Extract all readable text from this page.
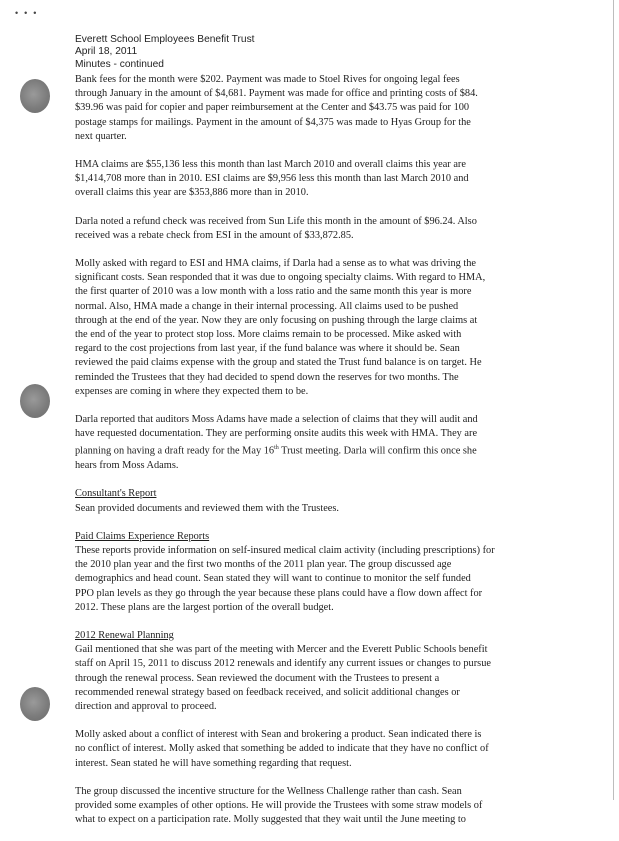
•••
Everett School Employees Benefit Trust
April 18, 2011
Minutes - continued

Bank fees for the month were $202. Payment was made to Stoel Rives for ongoing legal fees
through January in the amount of $4,681. Payment was made for office and printing costs of $84.
$39.96 was paid for copier and paper reimbursement at the Center and $43.75 was paid for 100
postage stamps for mailings. Payment in the amount of $4,375 was made to Hyas Group for the
next quarter.

HMA claims are $55,136 less this month than last March 2010 and overall claims this year are
$1,414,708 more than in 2010. ESI claims are $9,956 less this month than last March 2010 and
overall claims this year are $353,886 more than in 2010.

Darla noted a refund check was received from Sun Life this month in the amount of $96.24. Also
received was a rebate check from ESI in the amount of $33,872.85.

Molly asked with regard to ESI and HMA claims, if Darla had a sense as to what was driving the
significant costs. Sean responded that it was due to ongoing specialty claims. With regard to HMA,
the first quarter of 2010 was a low month with a loss ratio and the same month this year is more
normal. Also, HMA made a change in their internal processing. All claims used to be pushed
through at the end of the year. Now they are only focusing on pushing through the large claims at
the end of the year to protect stop loss. More claims remain to be processed. Mike asked with
regard to the cost projections from last year, if the fund balance was where it should be. Sean
reviewed the paid claims expense with the group and stated the Trust fund balance is on target. He
reminded the Trustees that they had decided to spend down the reserves for two months. The
expenses are coming in where they expected them to be.

Darla reported that auditors Moss Adams have made a selection of claims that they will audit and
have requested documentation. They are performing onsite audits this week with HMA. They are
planning on having a draft ready for the May 16th Trust meeting. Darla will confirm this once she
hears from Moss Adams.

Consultant's Report
Sean provided documents and reviewed them with the Trustees.

Paid Claims Experience Reports
These reports provide information on self-insured medical claim activity (including prescriptions) for
the 2010 plan year and the first two months of the 2011 plan year. The group discussed age
demographics and head count. Sean stated they will want to continue to monitor the self funded
PPO plan levels as they go through the year because these plans could have a flow down affect for
2012. These plans are the largest portion of the overall budget.

2012 Renewal Planning
Gail mentioned that she was part of the meeting with Mercer and the Everett Public Schools benefit
staff on April 15, 2011 to discuss 2012 renewals and identify any current issues or changes to pursue
through the renewal process. Sean reviewed the document with the Trustees to present a
recommended renewal strategy based on feedback received, and solicit additional changes or
direction and approval to proceed.

Molly asked about a conflict of interest with Sean and brokering a product. Sean indicated there is
no conflict of interest. Molly asked that something be added to indicate that they have no conflict of
interest. Sean stated he will have something regarding that request.

The group discussed the incentive structure for the Wellness Challenge rather than cash. Sean
provided some examples of other options. He will provide the Trustees with some straw models of
what to expect on a participation rate. Molly suggested that they wait until the June meeting to
